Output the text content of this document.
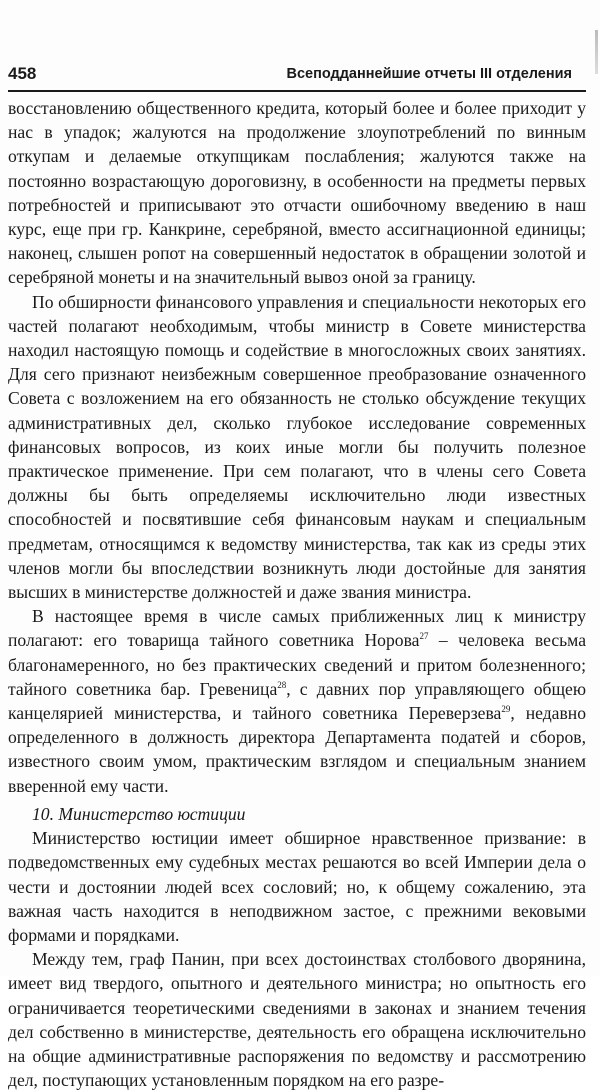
458	Всеподданнейшие отчеты III отделения

восстановлению общественного кредита, который более и более приходит у нас в упадок; жалуются на продолжение злоупотреблений по винным откупам и делаемые откупщикам послабления; жалуются также на постоянно возрастающую дороговизну, в особенности на предметы первых потребностей и приписывают это отчасти ошибочному введению в наш курс, еще при гр. Канкрине, серебряной, вместо ассигнационной единицы; наконец, слышен ропот на совершенный недостаток в обращении золотой и серебряной монеты и на значительный вывоз оной за границу.

По обширности финансового управления и специальности некоторых его частей полагают необходимым, чтобы министр в Совете министерства находил настоящую помощь и содействие в многосложных своих занятиях. Для сего признают неизбежным совершенное преобразование означенного Совета с возложением на его обязанность не столько обсуждение текущих административных дел, сколько глубокое исследование современных финансовых вопросов, из коих иные могли бы получить полезное практическое применение. При сем полагают, что в члены сего Совета должны бы быть определяемы исключительно люди известных способностей и посвятившие себя финансовым наукам и специальным предметам, относящимся к ведомству министерства, так как из среды этих членов могли бы впоследствии возникнуть люди достойные для занятия высших в министерстве должностей и даже звания министра.

В настоящее время в числе самых приближенных лиц к министру полагают: его товарища тайного советника Норова$^{27}$ – человека весьма благонамеренного, но без практических сведений и притом болезненного; тайного советника бар. Гревеница$^{28}$, с давних пор управляющего общею канцелярией министерства, и тайного советника Переверзева$^{29}$, недавно определенного в должность директора Департамента податей и сборов, известного своим умом, практическим взглядом и специальным знанием вверенной ему части.

10. Министерство юстиции

Министерство юстиции имеет обширное нравственное призвание: в подведомственных ему судебных местах решаются во всей Империи дела о чести и достоянии людей всех сословий; но, к общему сожалению, эта важная часть находится в неподвижном застое, с прежними вековыми формами и порядками.

Между тем, граф Панин, при всех достоинствах столбового дворянина, имеет вид твердого, опытного и деятельного министра; но опытность его ограничивается теоретическими сведениями в законах и знанием течения дел собственно в министерстве, деятельность его обращена исключительно на общие административные распоряжения по ведомству и рассмотрению дел, поступающих установленным порядком на его разре-
